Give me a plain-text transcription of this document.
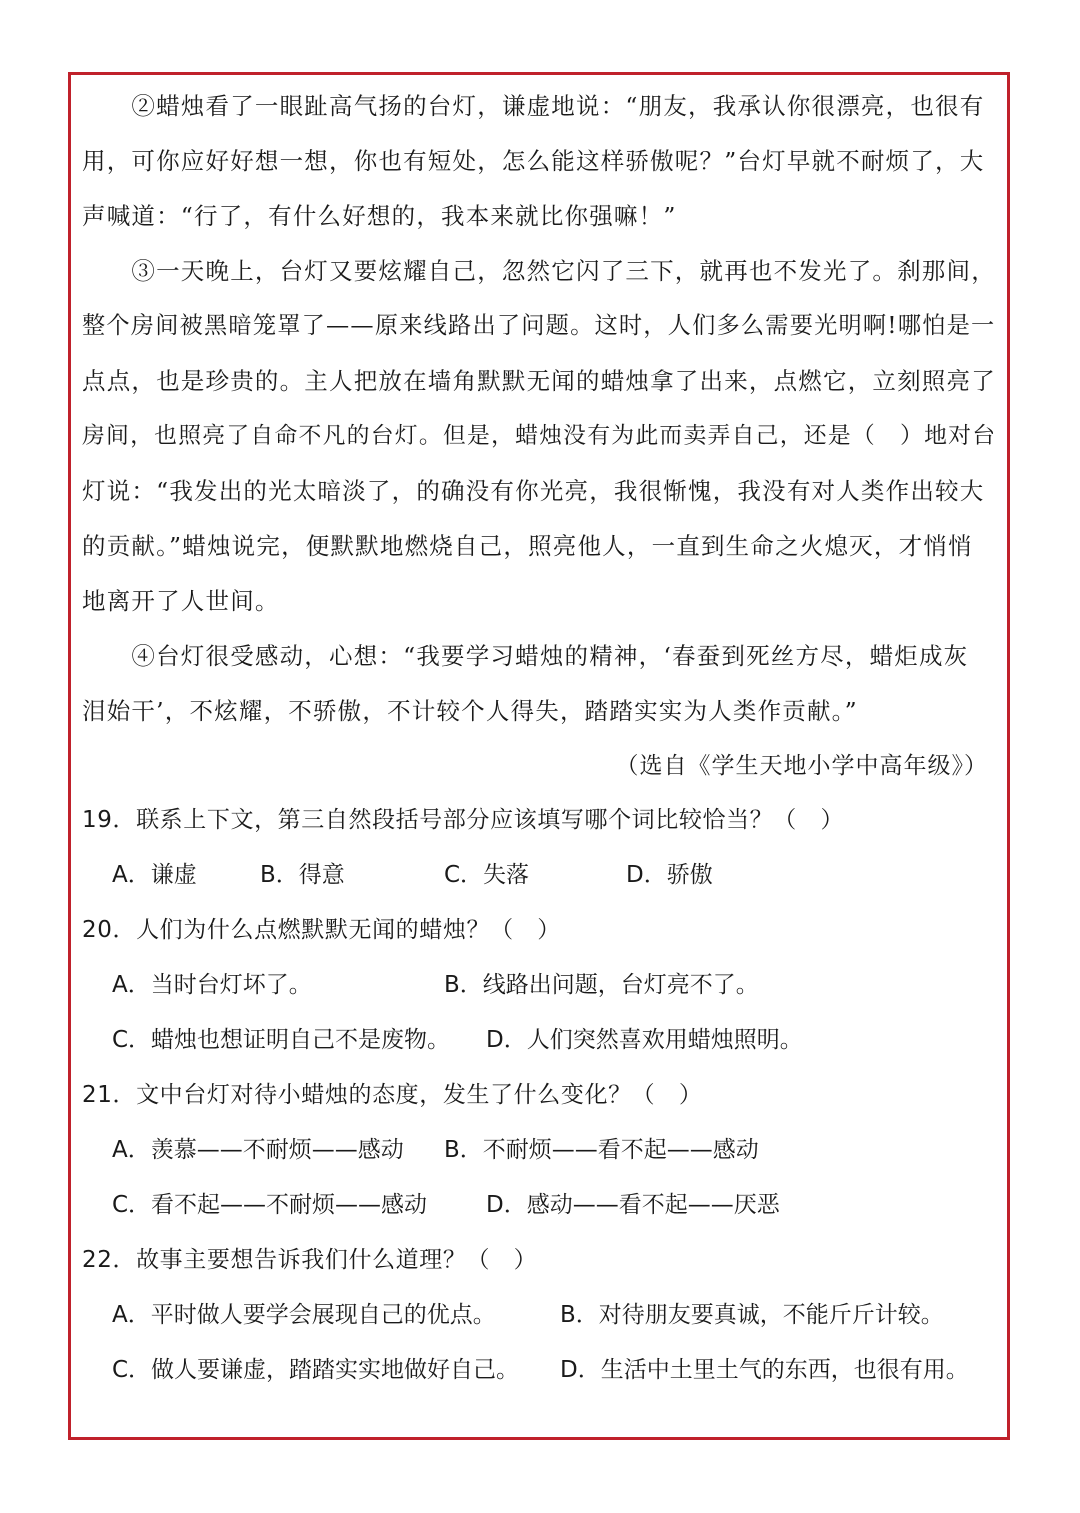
　　②蜡烛看了一眼趾高气扬的台灯，谦虚地说：“朋友，我承认你很漂亮，也很有
用，可你应好好想一想，你也有短处，怎么能这样骄傲呢？”台灯早就不耐烦了，大
声喊道：“行了，有什么好想的，我本来就比你强嘛！”
　　③一天晚上，台灯又要炫耀自己，忽然它闪了三下，就再也不发光了。刹那间，
整个房间被黑暗笼罩了——原来线路出了问题。这时，人们多么需要光明啊!哪怕是一
点点，也是珍贵的。主人把放在墙角默默无闻的蜡烛拿了出来，点燃它，立刻照亮了
房间，也照亮了自命不凡的台灯。但是，蜡烛没有为此而卖弄自己，还是（　）地对台
灯说：“我发出的光太暗淡了，的确没有你光亮，我很惭愧，我没有对人类作出较大
的贡献。”蜡烛说完，便默默地燃烧自己，照亮他人，一直到生命之火熄灭，才悄悄
地离开了人世间。
　　④台灯很受感动，心想：“我要学习蜡烛的精神，‘春蚕到死丝方尽，蜡炬成灰
泪始干’，不炫耀，不骄傲，不计较个人得失，踏踏实实为人类作贡献。”
（选自《学生天地小学中高年级》）
19．联系上下文，第三自然段括号部分应该填写哪个词比较恰当？（　）
A．谦虚	B．得意	C．失落	D．骄傲
20．人们为什么点燃默默无闻的蜡烛？（　）
A．当时台灯坏了。	B．线路出问题，台灯亮不了。
C．蜡烛也想证明自己不是废物。 D．人们突然喜欢用蜡烛照明。
21．文中台灯对待小蜡烛的态度，发生了什么变化？（　）
A．羡慕——不耐烦——感动 B．不耐烦——看不起——感动
C．看不起——不耐烦——感动	D．感动——看不起——厌恶
22．故事主要想告诉我们什么道理？（　）
A．平时做人要学会展现自己的优点。	B．对待朋友要真诚，不能斤斤计较。
C．做人要谦虚，踏踏实实地做好自己。 D．生活中土里土气的东西，也很有用。
